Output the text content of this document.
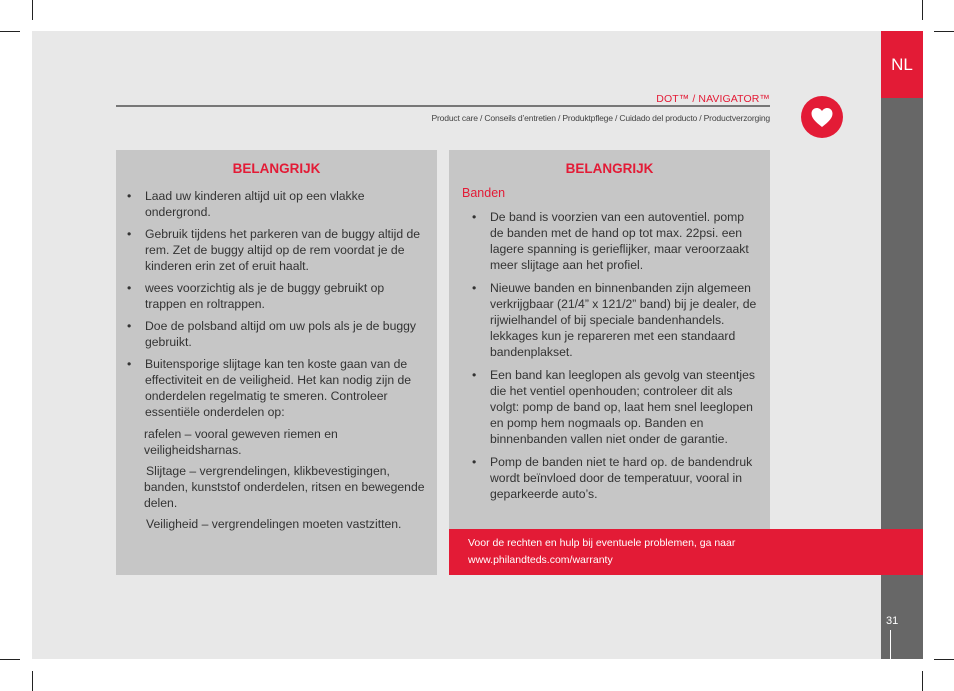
NL
31
DOT™ / NAVIGATOR™
Product care / Conseils d’entretien / Produktpflege / Cuidado del producto / Productverzorging
BELANGRIJK
• Laad uw kinderen altijd uit op een vlakke ondergrond.
• Gebruik tijdens het parkeren van de buggy altijd de rem. Zet de buggy altijd op de rem voordat je de kinderen erin zet of eruit haalt.
• wees voorzichtig als je de buggy gebruikt op trappen en roltrappen.
• Doe de polsband altijd om uw pols als je de buggy gebruikt.
• Buitensporige slijtage kan ten koste gaan van de effectiviteit en de veiligheid. Het kan nodig zijn de onderdelen regelmatig te smeren. Controleer essentiële onderdelen op:
rafelen – vooral geweven riemen en veiligheidsharnas.
Slijtage – vergrendelingen, klikbevestigingen, banden, kunststof onderdelen, ritsen en bewegende delen.
Veiligheid – vergrendelingen moeten vastzitten.
BELANGRIJK
Banden
• De band is voorzien van een autoventiel. pomp de banden met de hand op tot max. 22psi. een lagere spanning is gerieflijker, maar veroorzaakt meer slijtage aan het profiel.
• Nieuwe banden en binnenbanden zijn algemeen verkrijgbaar (21/4” x 121/2” band) bij je dealer, de rijwielhandel of bij speciale bandenhandels. lekkages kun je repareren met een standaard bandenplakset.
• Een band kan leeglopen als gevolg van steentjes die het ventiel openhouden; controleer dit als volgt: pomp de band op, laat hem snel leeglopen en pomp hem nogmaals op. Banden en binnenbanden vallen niet onder de garantie.
• Pomp de banden niet te hard op. de bandendruk wordt beïnvloed door de temperatuur, vooral in geparkeerde auto’s.
Voor de rechten en hulp bij eventuele problemen, ga naar
www.philandteds.com/warranty
